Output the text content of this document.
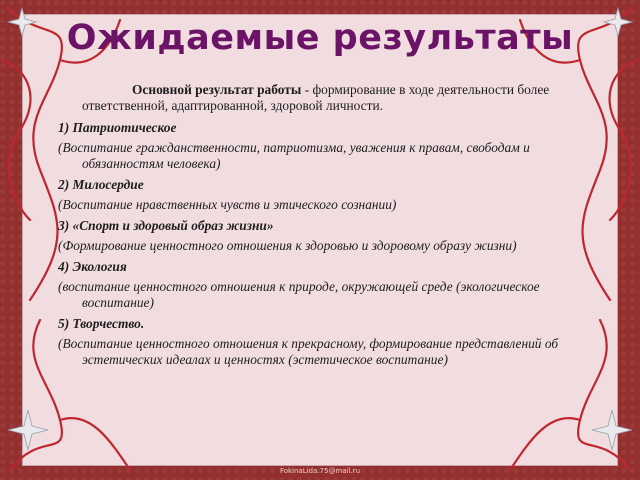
Ожидаемые результаты

Основной результат работы - формирование в ходе деятельности более ответственной, адаптированной, здоровой личности.

1) Патриотическое

(Воспитание гражданственности, патриотизма, уважения к правам, свободам и обязанностям человека)

2) Милосердие

(Воспитание нравственных чувств и этического сознании)

3) «Спорт и здоровый образ жизни»

(Формирование ценностного отношения к здоровью и здоровому образу жизни)

4) Экология

(воспитание ценностного отношения к природе, окружающей среде (экологическое воспитание)

5) Творчество.

(Воспитание ценностного отношения к прекрасному, формирование представлений об эстетических идеалах и ценностях (эстетическое воспитание)

FokinaLida.75@mail.ru
